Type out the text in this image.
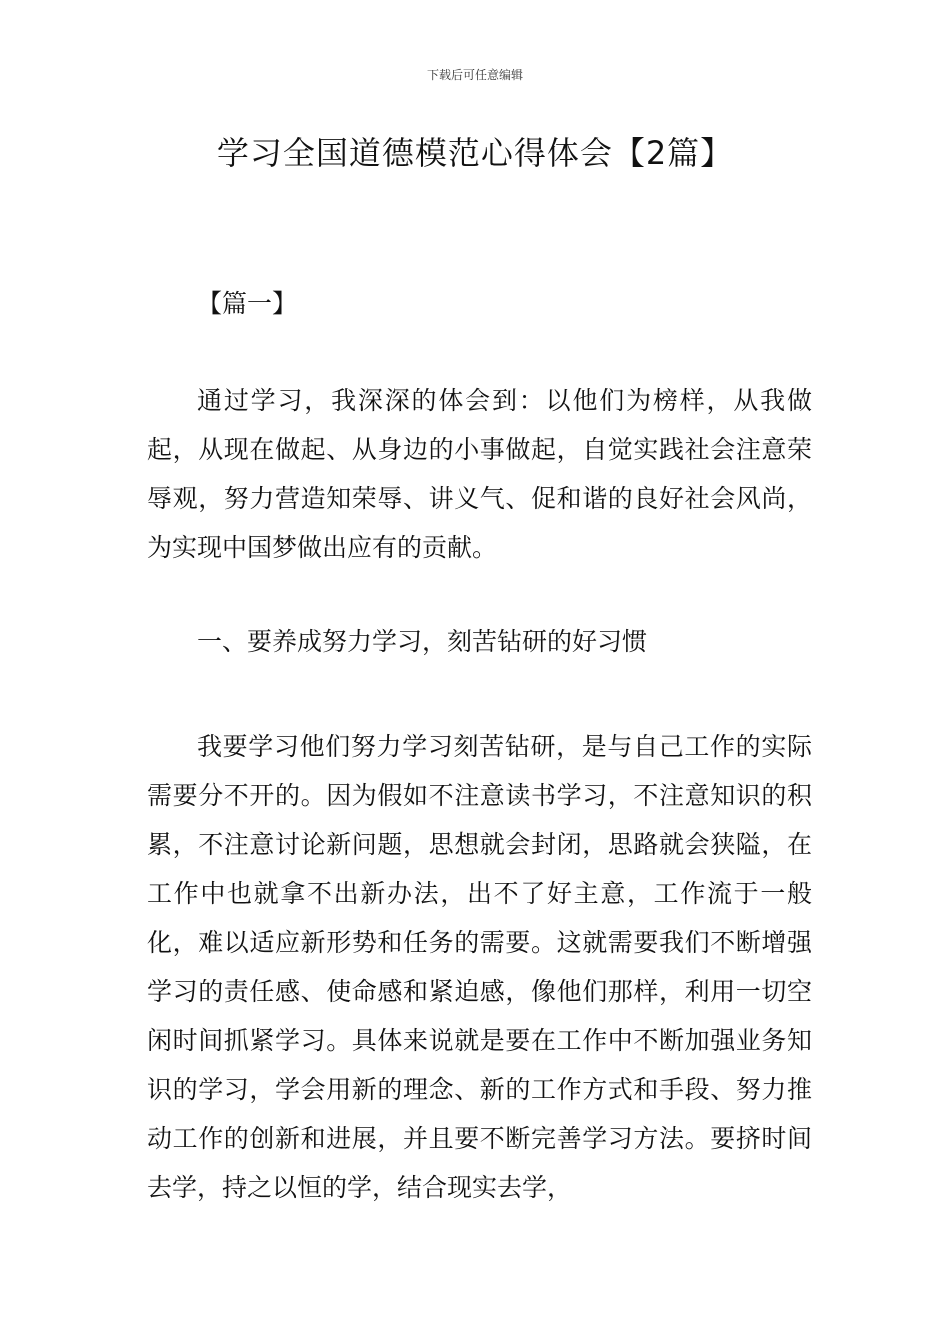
下载后可任意编辑
学习全国道德模范心得体会【2篇】

【篇一】

通过学习，我深深的体会到：以他们为榜样，从我做起，从现在做起、从身边的小事做起，自觉实践社会注意荣辱观，努力营造知荣辱、讲义气、促和谐的良好社会风尚，为实现中国梦做出应有的贡献。

一、要养成努力学习，刻苦钻研的好习惯

我要学习他们努力学习刻苦钻研，是与自己工作的实际需要分不开的。因为假如不注意读书学习，不注意知识的积累，不注意讨论新问题，思想就会封闭，思路就会狭隘，在工作中也就拿不出新办法，出不了好主意，工作流于一般化，难以适应新形势和任务的需要。这就需要我们不断增强学习的责任感、使命感和紧迫感，像他们那样，利用一切空闲时间抓紧学习。具体来说就是要在工作中不断加强业务知识的学习，学会用新的理念、新的工作方式和手段、努力推动工作的创新和进展，并且要不断完善学习方法。要挤时间去学，持之以恒的学，结合现实去学，
